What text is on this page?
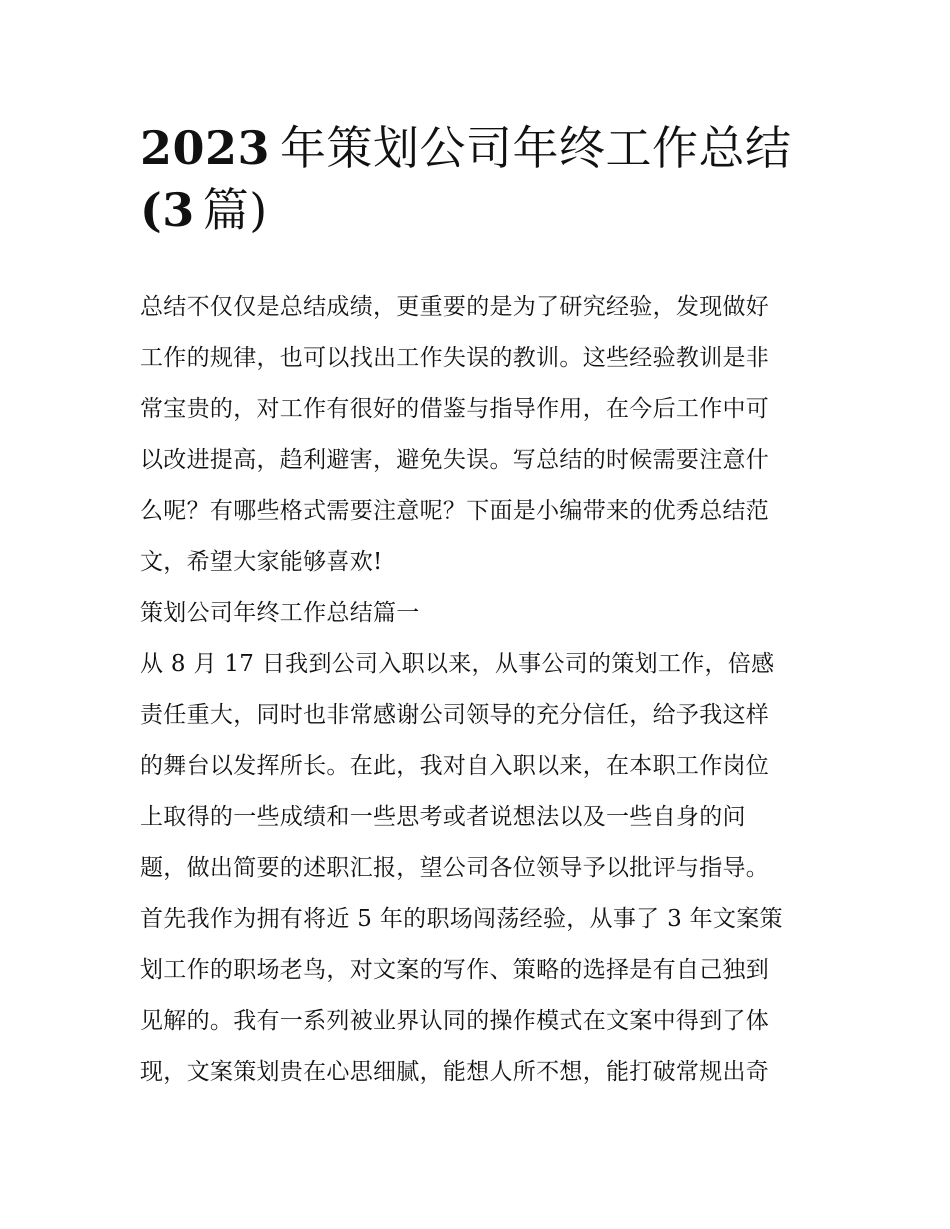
2023 年策划公司年终工作总结
(3 篇)
总结不仅仅是总结成绩，更重要的是为了研究经验，发现做好
工作的规律，也可以找出工作失误的教训。这些经验教训是非
常宝贵的，对工作有很好的借鉴与指导作用，在今后工作中可
以改进提高，趋利避害，避免失误。写总结的时候需要注意什
么呢？有哪些格式需要注意呢？下面是小编带来的优秀总结范
文，希望大家能够喜欢!
策划公司年终工作总结篇一
从 8 月 17 日我到公司入职以来，从事公司的策划工作，倍感
责任重大，同时也非常感谢公司领导的充分信任，给予我这样
的舞台以发挥所长。在此，我对自入职以来，在本职工作岗位
上取得的一些成绩和一些思考或者说想法以及一些自身的问
题，做出简要的述职汇报，望公司各位领导予以批评与指导。
首先我作为拥有将近 5 年的职场闯荡经验，从事了 3 年文案策
划工作的职场老鸟，对文案的写作、策略的选择是有自己独到
见解的。我有一系列被业界认同的操作模式在文案中得到了体
现，文案策划贵在心思细腻，能想人所不想，能打破常规出奇
